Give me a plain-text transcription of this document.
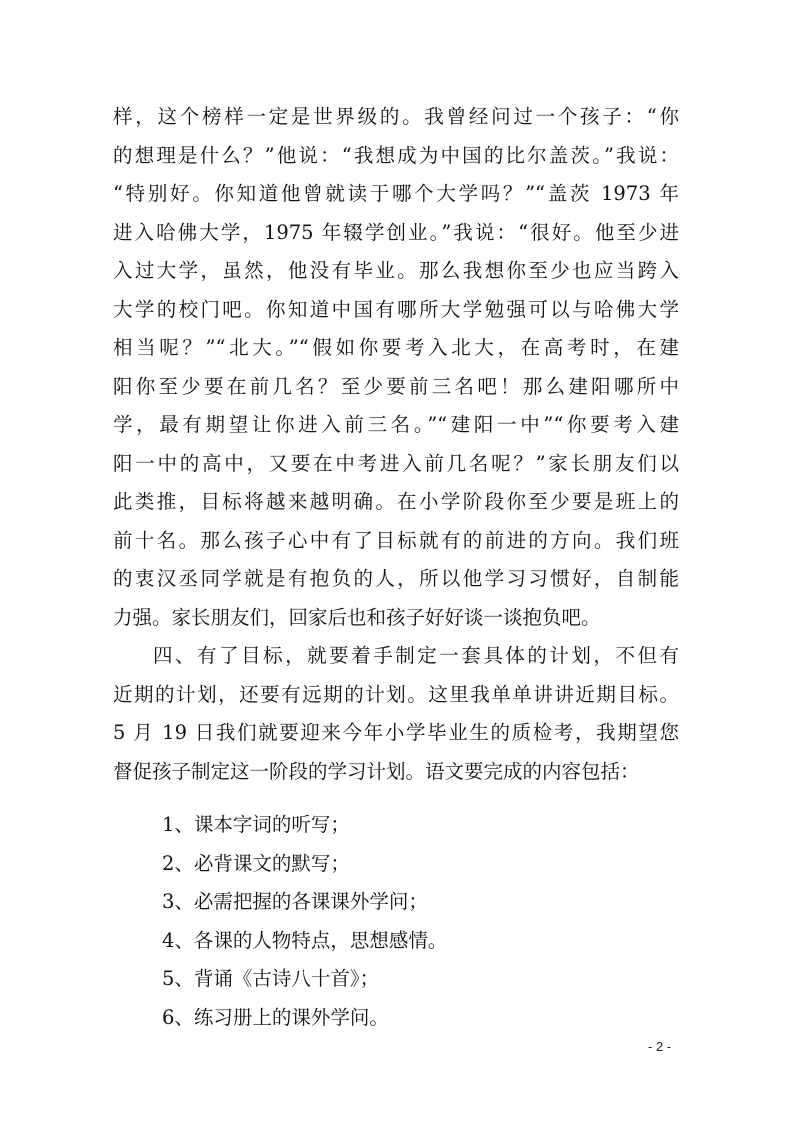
样，这个榜样一定是世界级的。我曾经问过一个孩子：“你
的想理是什么？”他说：“我想成为中国的比尔盖茨。”我说：
“特别好。你知道他曾就读于哪个大学吗？”“盖茨 1973 年
进入哈佛大学，1975 年辍学创业。”我说：“很好。他至少进
入过大学，虽然，他没有毕业。那么我想你至少也应当跨入
大学的校门吧。你知道中国有哪所大学勉强可以与哈佛大学
相当呢？”“北大。”“假如你要考入北大，在高考时，在建
阳你至少要在前几名？至少要前三名吧！那么建阳哪所中
学，最有期望让你进入前三名。”“建阳一中”“你要考入建
阳一中的高中，又要在中考进入前几名呢？”家长朋友们以
此类推，目标将越来越明确。在小学阶段你至少要是班上的
前十名。那么孩子心中有了目标就有的前进的方向。我们班
的衷汉丞同学就是有抱负的人，所以他学习习惯好，自制能
力强。家长朋友们，回家后也和孩子好好谈一谈抱负吧。
四、有了目标，就要着手制定一套具体的计划，不但有
近期的计划，还要有远期的计划。这里我单单讲讲近期目标。
5 月 19 日我们就要迎来今年小学毕业生的质检考，我期望您
督促孩子制定这一阶段的学习计划。语文要完成的内容包括：
1、课本字词的听写；
2、必背课文的默写；
3、必需把握的各课课外学问；
4、各课的人物特点，思想感情。
5、背诵《古诗八十首》；
6、练习册上的课外学问。
- 2 -
